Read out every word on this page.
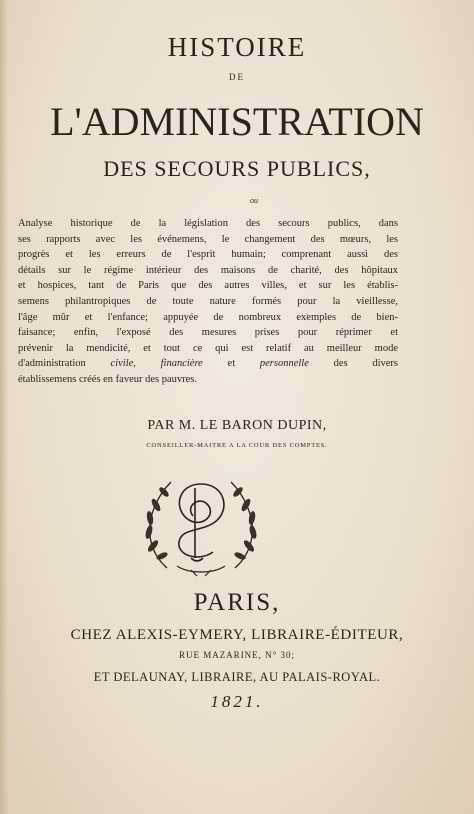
HISTOIRE
DE
L'ADMINISTRATION
DES SECOURS PUBLICS,
ou
Analyse historique de la législation des secours publics, dans
ses rapports avec les événemens, le changement des mœurs, les
progrès et les erreurs de l'esprit humain; comprenant aussi des
détails sur le régime intérieur des maisons de charité, des hôpitaux
et hospices, tant de Paris que des autres villes, et sur les établis-
semens philantropiques de toute nature formés pour la vieillesse,
l'âge mûr et l'enfance; appuyée de nombreux exemples de bien-
faisance; enfin, l'exposé des mesures prises pour réprimer et
prévenir la mendicité, et tout ce qui est relatif au meilleur mode
d'administration civile, financière et personnelle des divers
établissemens créés en faveur des pauvres.
PAR M. LE BARON DUPIN,
CONSEILLER-MAITRE A LA COUR DES COMPTES.
PARIS,
CHEZ ALEXIS-EYMERY, LIBRAIRE-ÉDITEUR,
RUE MAZARINE, N° 30;
ET DELAUNAY, LIBRAIRE, AU PALAIS-ROYAL.
1821.
